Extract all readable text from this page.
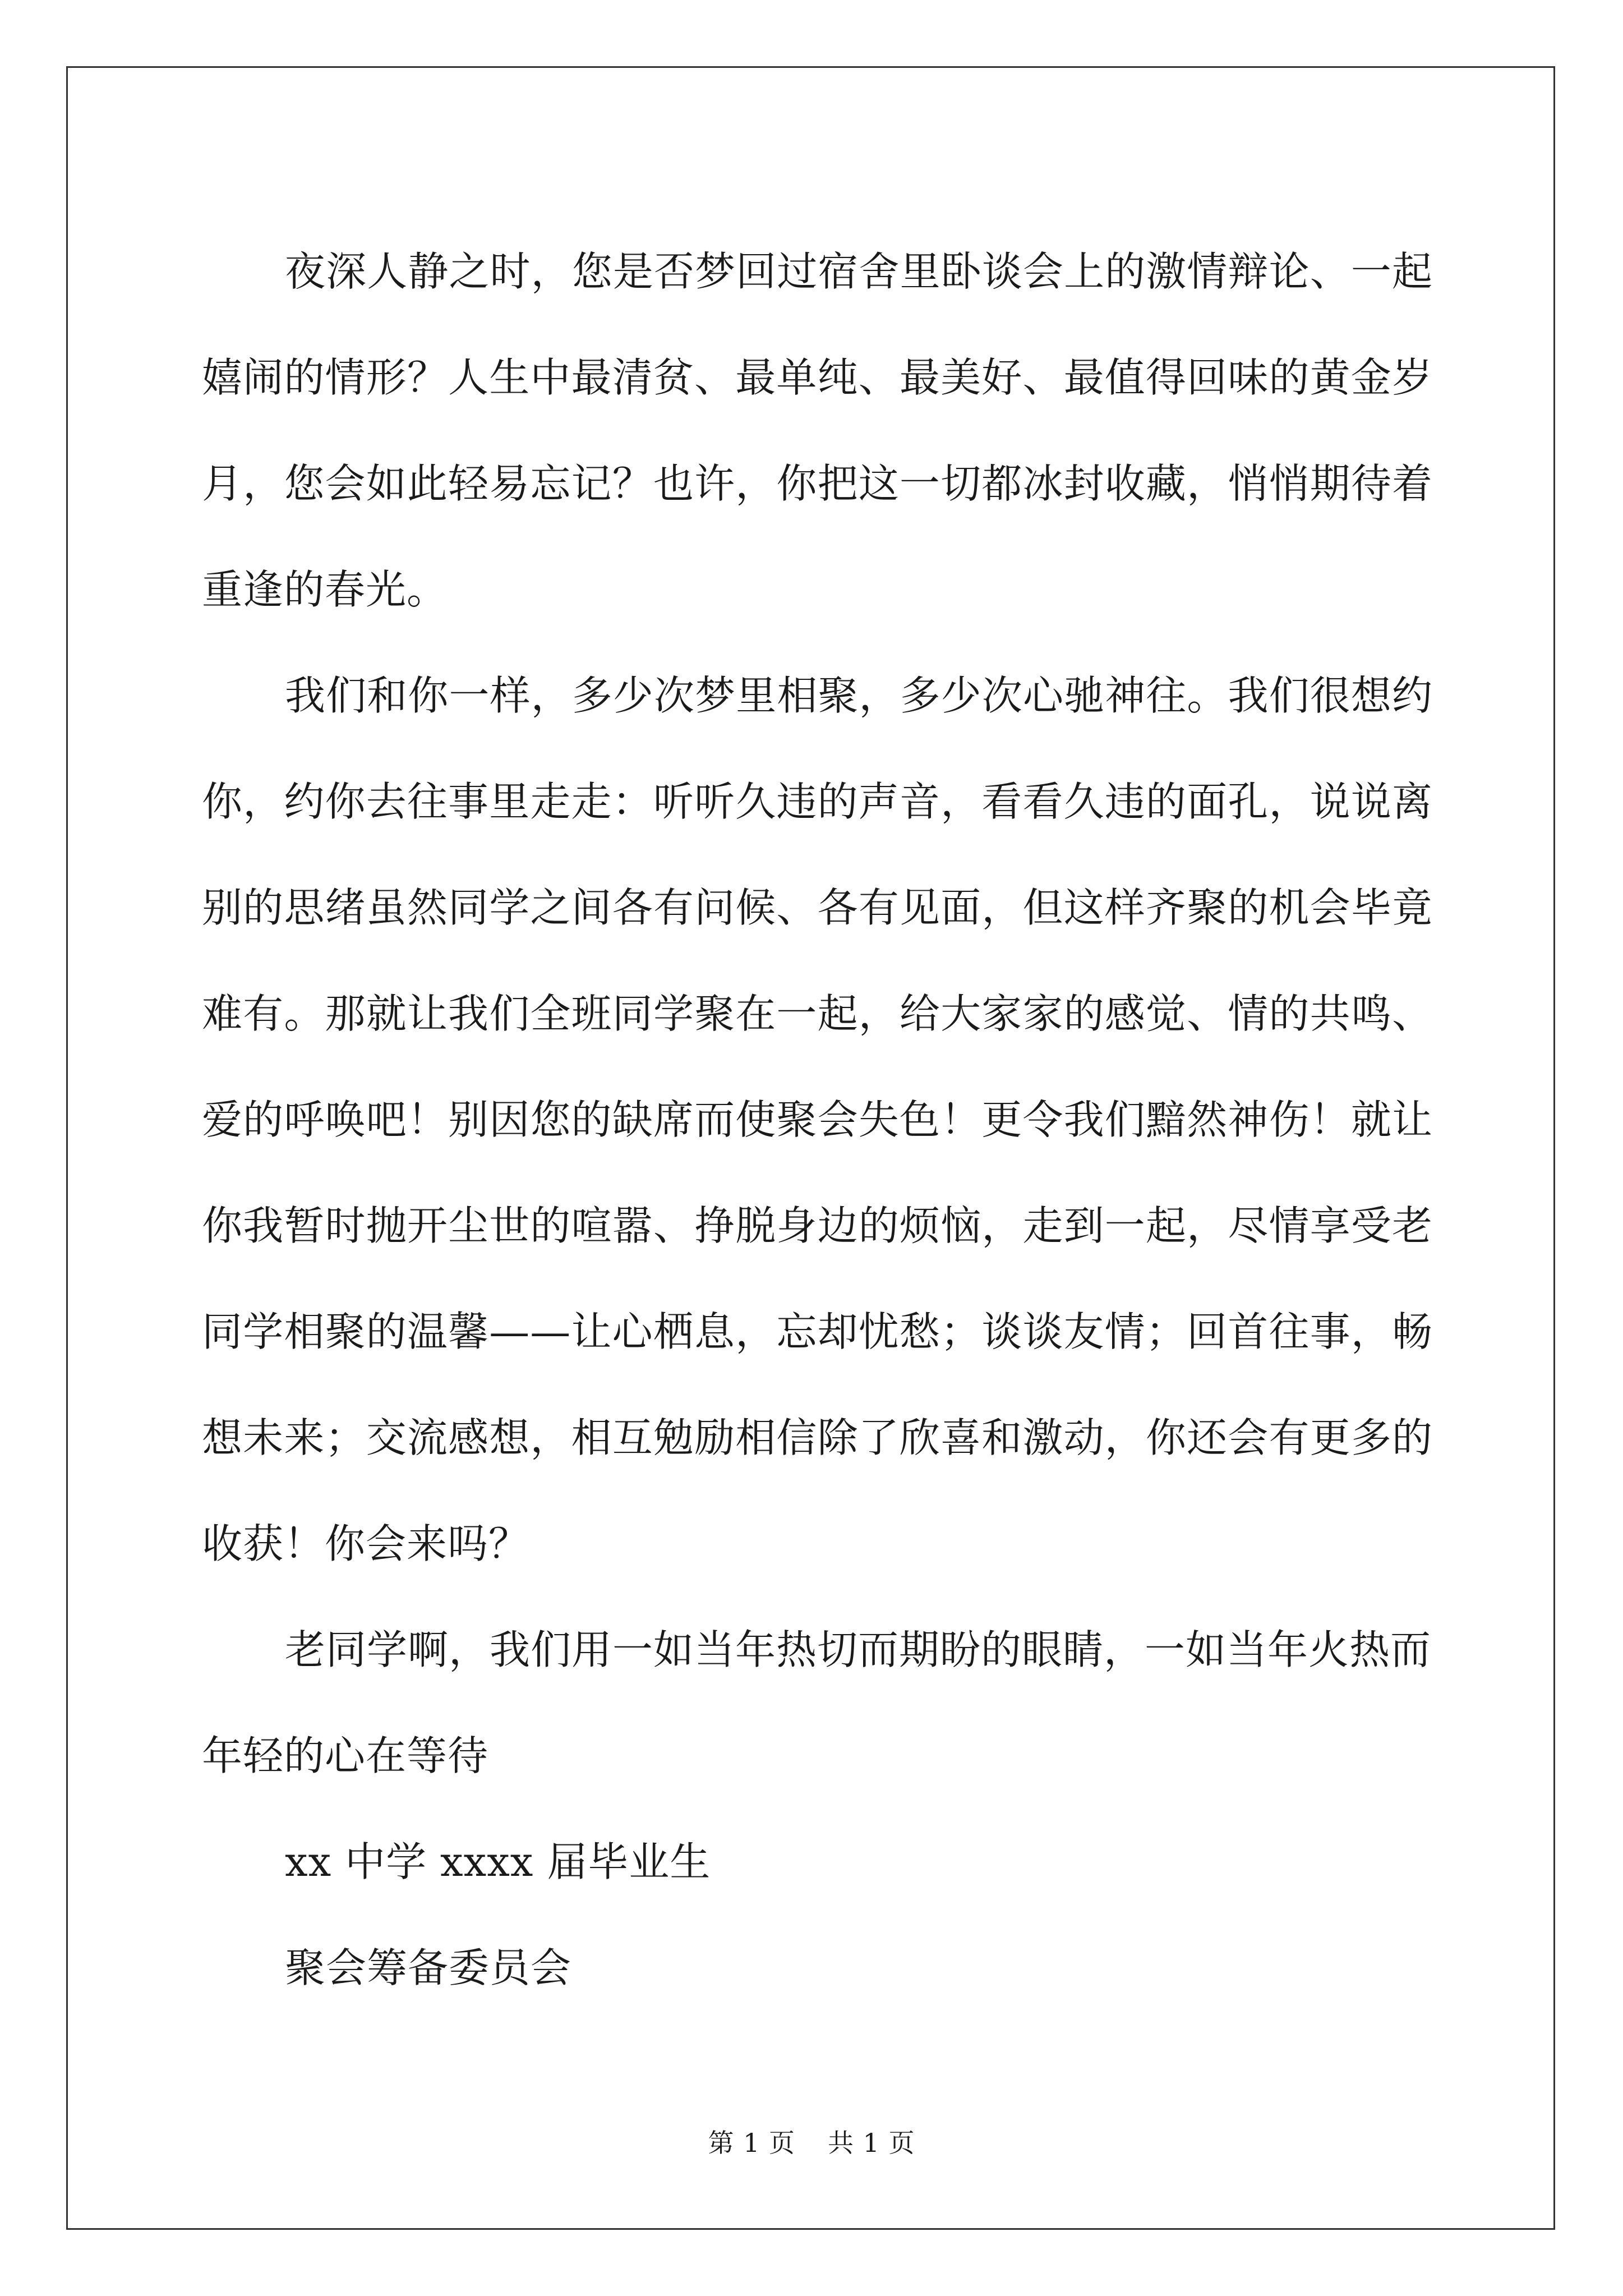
夜深人静之时，您是否梦回过宿舍里卧谈会上的激情辩论、一起嬉闹的情形？人生中最清贫、最单纯、最美好、最值得回味的黄金岁月，您会如此轻易忘记？也许，你把这一切都冰封收藏，悄悄期待着重逢的春光。

我们和你一样，多少次梦里相聚，多少次心驰神往。我们很想约你，约你去往事里走走：听听久违的声音，看看久违的面孔，说说离别的思绪虽然同学之间各有问候、各有见面，但这样齐聚的机会毕竟难有。那就让我们全班同学聚在一起，给大家家的感觉、情的共鸣、爱的呼唤吧！别因您的缺席而使聚会失色！更令我们黯然神伤！就让你我暂时抛开尘世的喧嚣、挣脱身边的烦恼，走到一起，尽情享受老同学相聚的温馨——让心栖息，忘却忧愁；谈谈友情；回首往事，畅想未来；交流感想，相互勉励相信除了欣喜和激动，你还会有更多的收获！你会来吗？

老同学啊，我们用一如当年热切而期盼的眼睛，一如当年火热而年轻的心在等待

xx 中学 xxxx 届毕业生

聚会筹备委员会

第 1 页 共 1 页
